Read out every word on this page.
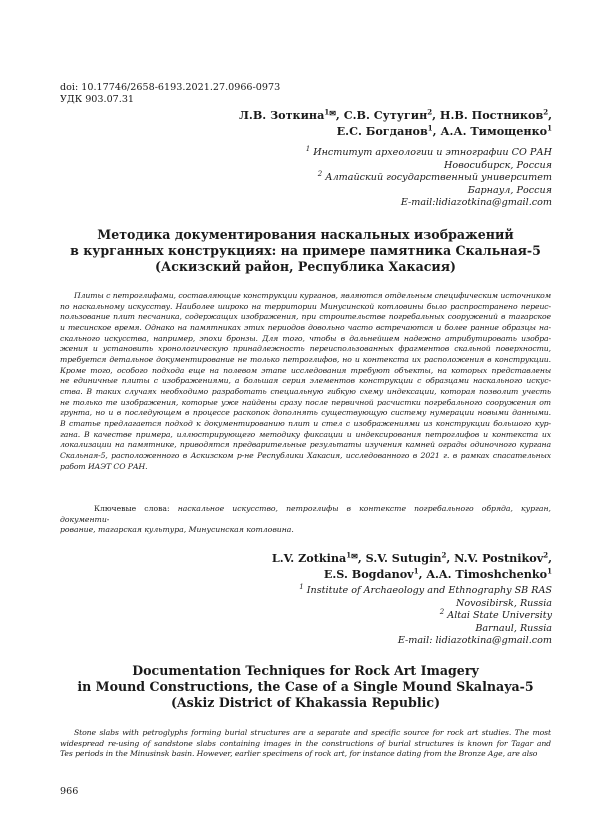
doi: 10.17746/2658-6193.2021.27.0966-0973
УДК 903.07.31
Л.В. Зоткина$^1$✉, С.В. Сутугин$^2$, Н.В. Постников$^2$,
Е.С. Богданов$^1$, А.А. Тимощенко$^1$
$^1$ Институт археологии и этнографии СО РАН
Новосибирск, Россия
$^2$ Алтайский государственный университет
Барнаул, Россия
E-mail:lidiazotkina@gmail.com
Методика документирования наскальных изображений
в курганных конструкциях: на примере памятника Скальная-5
(Аскизский район, Республика Хакасия)
Плиты с петроглифами, составляющие конструкции курганов, являются отдельным специфическим источником
по наскальному искусству. Наиболее широко на территории Минусинской котловины было распространено переис-
пользование плит песчаника, содержащих изображения, при строительстве погребальных сооружений в тагарское
и тесинское время. Однако на памятниках этих периодов довольно часто встречаются и более ранние образцы на-
скального искусства, например, эпохи бронзы. Для того, чтобы в дальнейшем надежно атрибутировать изобра-
жения и установить хронологическую принадлежность переиспользованных фрагментов скальной поверхности,
требуется детальное документирование не только петроглифов, но и контекста их расположения в конструкции.
Кроме того, особого подхода еще на полевом этапе исследования требуют объекты, на которых представлены
не единичные плиты с изображениями, а большая серия элементов конструкции с образцами наскального искус-
ства. В таких случаях необходимо разработать специальную гибкую схему индексации, которая позволит учесть
не только те изображения, которые уже найдены сразу после первичной расчистки погребального сооружения от
грунта, но и в последующем в процессе раскопок дополнять существующую систему нумерации новыми данными.
В статье предлагается подход к документированию плит и стел с изображениями из конструкции большого кур-
гана. В качестве примера, иллюстрирующего методику фиксации и индексирования петроглифов и контекста их
локализации на памятнике, приводятся предварительные результаты изучения камней ограды одиночного кургана
Скальная-5, расположенного в Аскизском р-не Республики Хакасия, исследованного в 2021 г. в рамках спасательных
работ ИАЭТ СО РАН.
Ключевые слова: наскальное искусство, петроглифы в контексте погребального обряда, курган, документи-
рование, тагарская культура, Минусинская котловина.
L.V. Zotkina$^1$✉, S.V. Sutugin$^2$, N.V. Postnikov$^2$,
E.S. Bogdanov$^1$, A.A. Timoshchenko$^1$
$^1$ Institute of Archaeology and Ethnography SB RAS
Novosibirsk, Russia
$^2$ Altai State University
Barnaul, Russia
E-mail: lidiazotkina@gmail.com
Documentation Techniques for Rock Art Imagery
in Mound Constructions, the Case of a Single Mound Skalnaya-5
(Askiz District of Khakassia Republic)
Stone slabs with petroglyphs forming burial structures are a separate and specific source for rock art studies. The most
widespread re-using of sandstone slabs containing images in the constructions of burial structures is known for Tagar and
Tes periods in the Minusinsk basin. However, earlier specimens of rock art, for instance dating from the Bronze Age, are also
966
